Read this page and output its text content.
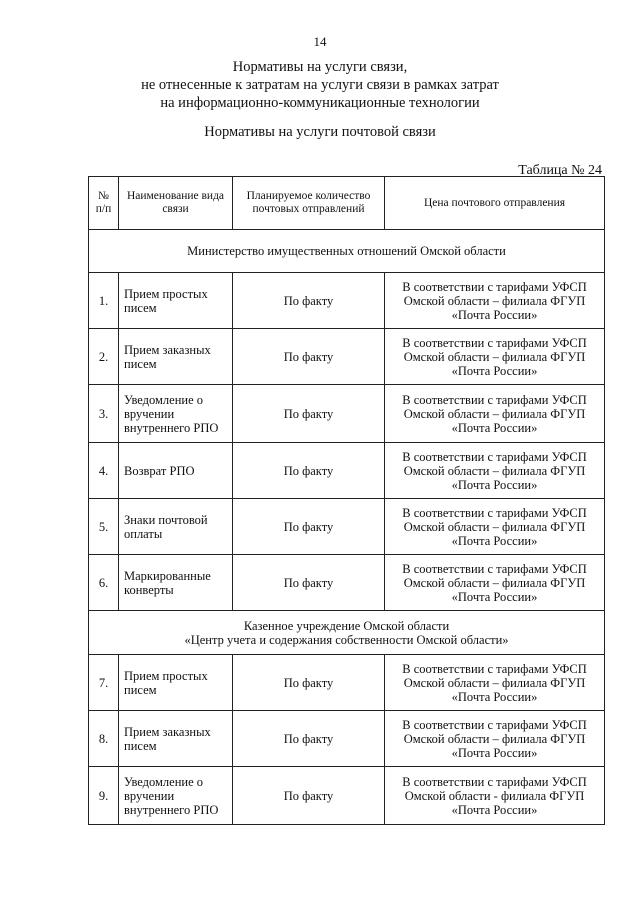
14
Нормативы на услуги связи,
не отнесенные к затратам на услуги связи в рамках затрат
на информационно-коммуникационные технологии
Нормативы на услуги почтовой связи
Таблица № 24
№ п/п	Наименование вида связи	Планируемое количество почтовых отправлений	Цена почтового отправления
Министерство имущественных отношений Омской области			
1.	Прием простых писем	По факту	В соответствии с тарифами УФСП
Омской области – филиала ФГУП
«Почта России»

2.	Прием заказных писем	По факту	В соответствии с тарифами УФСП
Омской области – филиала ФГУП
«Почта России»

3.	Уведомление о вручении внутреннего РПО	По факту	В соответствии с тарифами УФСП
Омской области – филиала ФГУП
«Почта России»

4.	Возврат РПО	По факту	В соответствии с тарифами УФСП
Омской области – филиала ФГУП
«Почта России»

5.	Знаки почтовой оплаты	По факту	В соответствии с тарифами УФСП
Омской области – филиала ФГУП
«Почта России»

6.	Маркированные конверты	По факту	В соответствии с тарифами УФСП
Омской области – филиала ФГУП
«Почта России»

Казенное учреждение Омской области
«Центр учета и содержания собственности Омской области»			

7.	Прием простых писем	По факту	В соответствии с тарифами УФСП
Омской области – филиала ФГУП
«Почта России»

8.	Прием заказных писем	По факту	В соответствии с тарифами УФСП
Омской области – филиала ФГУП
«Почта России»

9.	Уведомление о вручении внутреннего РПО	По факту	В соответствии с тарифами УФСП
Омской области - филиала ФГУП
«Почта России»
